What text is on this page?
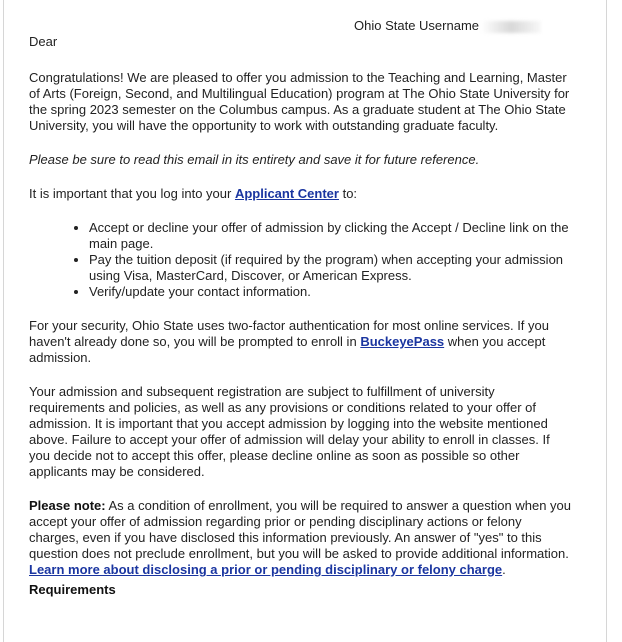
Ohio State Username

Dear

Congratulations! We are pleased to offer you admission to the Teaching and Learning, Master of Arts (Foreign, Second, and Multilingual Education) program at The Ohio State University for the spring 2023 semester on the Columbus campus. As a graduate student at The Ohio State University, you will have the opportunity to work with outstanding graduate faculty.

Please be sure to read this email in its entirety and save it for future reference.

It is important that you log into your Applicant Center to:

• Accept or decline your offer of admission by clicking the Accept / Decline link on the main page.
• Pay the tuition deposit (if required by the program) when accepting your admission using Visa, MasterCard, Discover, or American Express.
• Verify/update your contact information.

For your security, Ohio State uses two-factor authentication for most online services. If you haven't already done so, you will be prompted to enroll in BuckeyePass when you accept admission.

Your admission and subsequent registration are subject to fulfillment of university requirements and policies, as well as any provisions or conditions related to your offer of admission. It is important that you accept admission by logging into the website mentioned above. Failure to accept your offer of admission will delay your ability to enroll in classes. If you decide not to accept this offer, please decline online as soon as possible so other applicants may be considered.

Please note: As a condition of enrollment, you will be required to answer a question when you accept your offer of admission regarding prior or pending disciplinary actions or felony charges, even if you have disclosed this information previously. An answer of "yes" to this question does not preclude enrollment, but you will be asked to provide additional information. Learn more about disclosing a prior or pending disciplinary or felony charge.

Requirements
